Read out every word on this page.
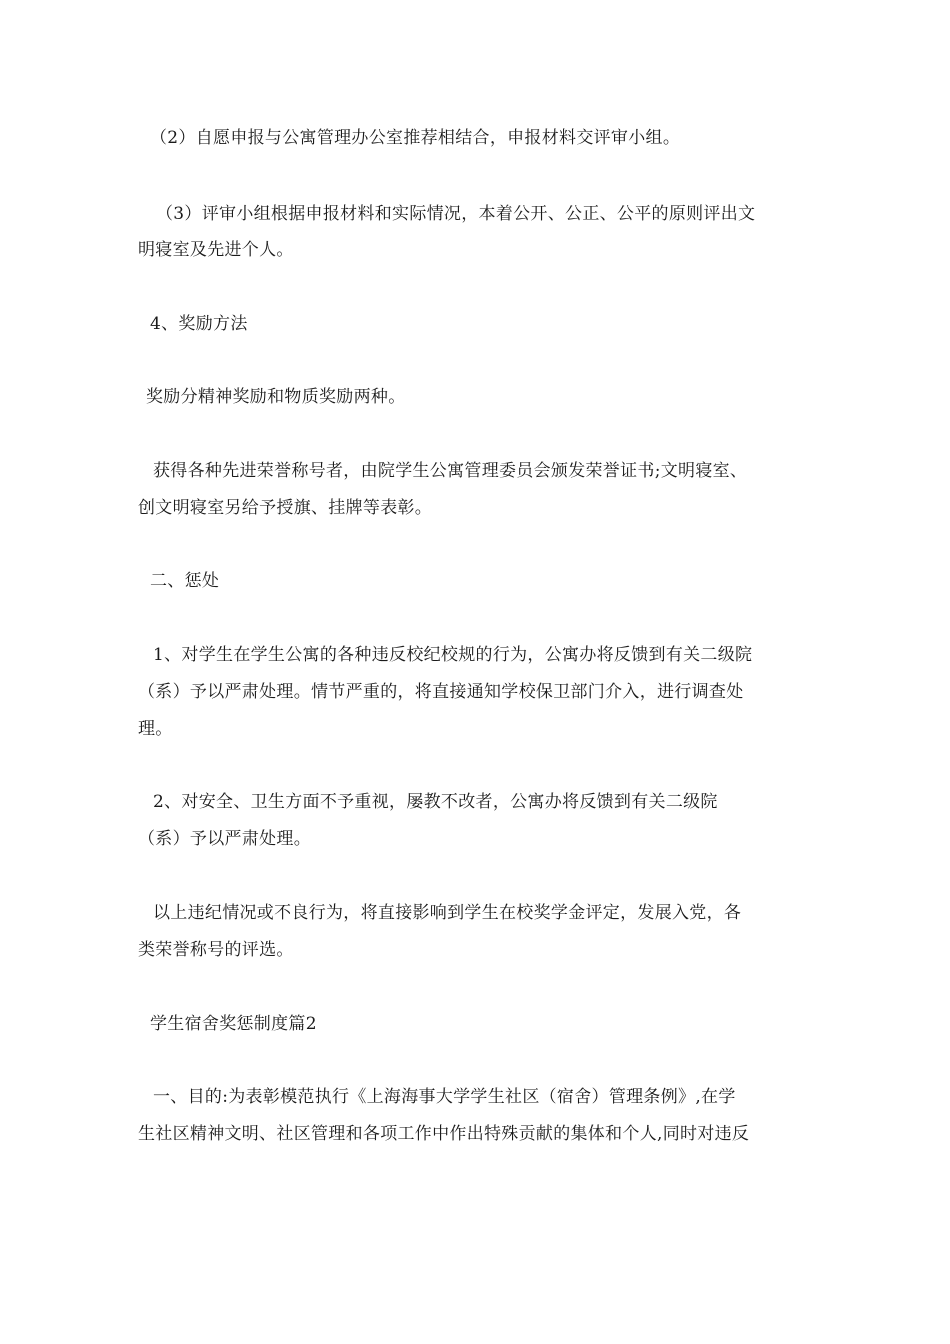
（2）自愿申报与公寓管理办公室推荐相结合，申报材料交评审小组。
（3）评审小组根据申报材料和实际情况，本着公开、公正、公平的原则评出文
明寝室及先进个人。
4、奖励方法
奖励分精神奖励和物质奖励两种。
获得各种先进荣誉称号者，由院学生公寓管理委员会颁发荣誉证书;文明寝室、
创文明寝室另给予授旗、挂牌等表彰。
二、惩处
1、对学生在学生公寓的各种违反校纪校规的行为，公寓办将反馈到有关二级院
（系）予以严肃处理。情节严重的，将直接通知学校保卫部门介入，进行调查处
理。
2、对安全、卫生方面不予重视，屡教不改者，公寓办将反馈到有关二级院
（系）予以严肃处理。
以上违纪情况或不良行为，将直接影响到学生在校奖学金评定，发展入党，各
类荣誉称号的评选。
学生宿舍奖惩制度篇2
一、目的:为表彰模范执行《上海海事大学学生社区（宿舍）管理条例》,在学
生社区精神文明、社区管理和各项工作中作出特殊贡献的集体和个人,同时对违反
